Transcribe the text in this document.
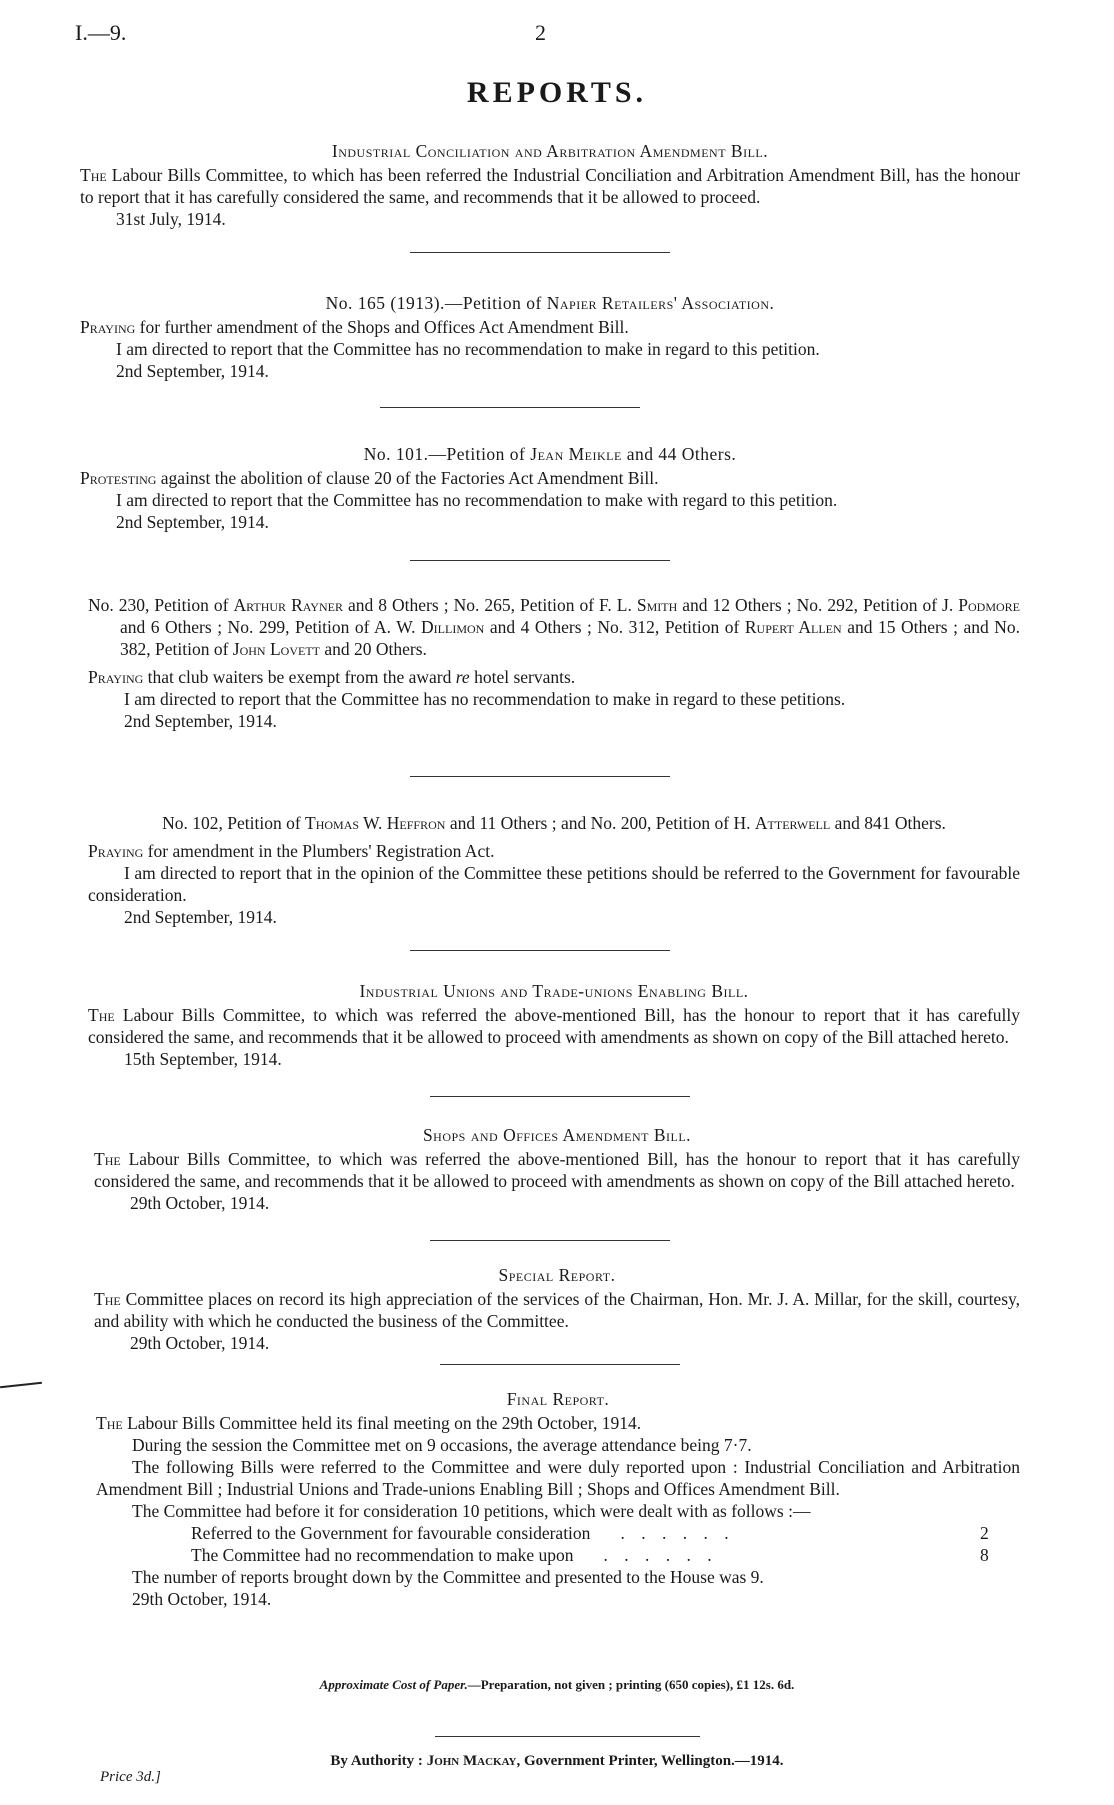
I.—9.	2
REPORTS.
Industrial Conciliation and Arbitration Amendment Bill.

The Labour Bills Committee, to which has been referred the Industrial Conciliation and Arbitration Amendment Bill, has the honour to report that it has carefully considered the same, and recommends that it be allowed to proceed.

31st July, 1914.
No. 165 (1913).—Petition of Napier Retailers' Association.

Praying for further amendment of the Shops and Offices Act Amendment Bill.

I am directed to report that the Committee has no recommendation to make in regard to this petition.

2nd September, 1914.
No. 101.—Petition of Jean Meikle and 44 Others.

Protesting against the abolition of clause 20 of the Factories Act Amendment Bill.

I am directed to report that the Committee has no recommendation to make with regard to this petition.

2nd September, 1914.

No. 230, Petition of Arthur Rayner and 8 Others ; No. 265, Petition of F. L. Smith and 12 Others ; No. 292, Petition of J. Podmore and 6 Others ; No. 299, Petition of A. W. Dillimon and 4 Others ; No. 312, Petition of Rupert Allen and 15 Others ; and No. 382, Petition of John Lovett and 20 Others.

Praying that club waiters be exempt from the award re hotel servants.

I am directed to report that the Committee has no recommendation to make in regard to these petitions.

2nd September, 1914.

No. 102, Petition of Thomas W. Heffron and 11 Others ; and No. 200, Petition of H. Atterwell and 841 Others.

Praying for amendment in the Plumbers' Registration Act.

I am directed to report that in the opinion of the Committee these petitions should be referred to the Government for favourable consideration.

2nd September, 1914.
Industrial Unions and Trade-unions Enabling Bill.

The Labour Bills Committee, to which was referred the above-mentioned Bill, has the honour to report that it has carefully considered the same, and recommends that it be allowed to proceed with amendments as shown on copy of the Bill attached hereto.

15th September, 1914.
Shops and Offices Amendment Bill.

The Labour Bills Committee, to which was referred the above-mentioned Bill, has the honour to report that it has carefully considered the same, and recommends that it be allowed to proceed with amendments as shown on copy of the Bill attached hereto.

29th October, 1914.
Special Report.

The Committee places on record its high appreciation of the services of the Chairman, Hon. Mr. J. A. Millar, for the skill, courtesy, and ability with which he conducted the business of the Committee.

29th October, 1914.
Final Report.

The Labour Bills Committee held its final meeting on the 29th October, 1914.

During the session the Committee met on 9 occasions, the average attendance being 7·7.

The following Bills were referred to the Committee and were duly reported upon : Industrial Conciliation and Arbitration Amendment Bill ; Industrial Unions and Trade-unions Enabling Bill ; Shops and Offices Amendment Bill.

The Committee had before it for consideration 10 petitions, which were dealt with as follows :—

Referred to the Government for favourable consideration	. . . . . .	2
The Committee had no recommendation to make upon	. . . . . .	8

The number of reports brought down by the Committee and presented to the House was 9.

29th October, 1914.
Approximate Cost of Paper.—Preparation, not given ; printing (650 copies), £1 12s. 6d.
By Authority : John Mackay, Government Printer, Wellington.—1914.
Price 3d.]
